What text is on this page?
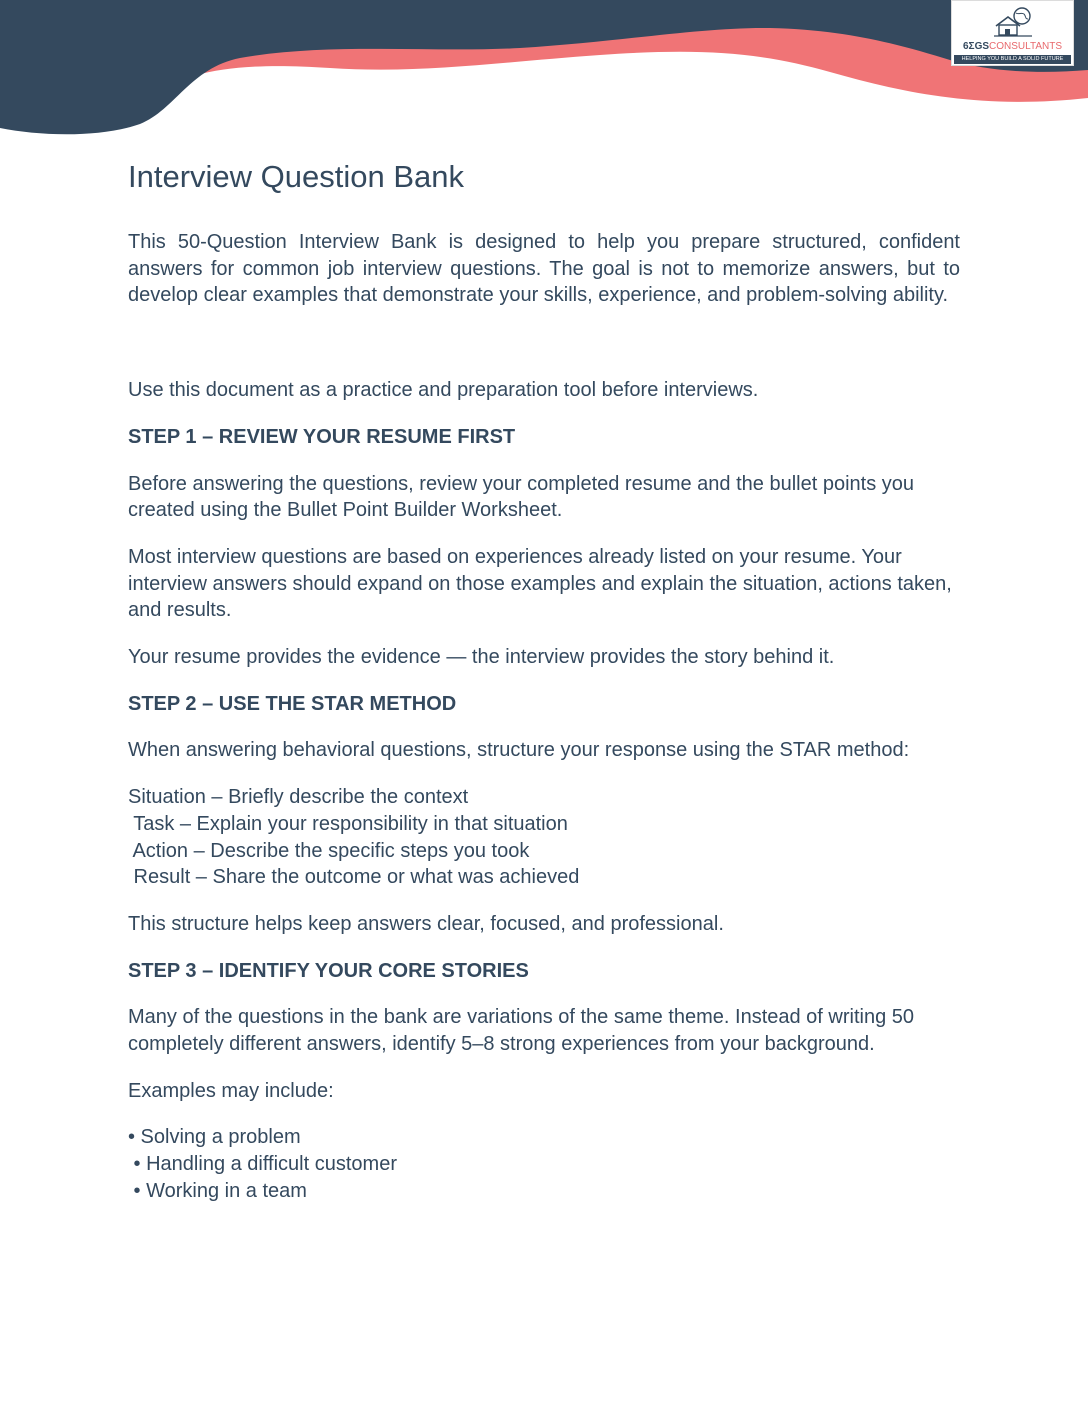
6ΣGSCONSULTANTS
HELPING YOU BUILD A SOLID FUTURE
Interview Question Bank

This 50-Question Interview Bank is designed to help you prepare structured, confident answers for common job interview questions. The goal is not to memorize answers, but to develop clear examples that demonstrate your skills, experience, and problem-solving ability.

Use this document as a practice and preparation tool before interviews.

STEP 1 – REVIEW YOUR RESUME FIRST

Before answering the questions, review your completed resume and the bullet points you created using the Bullet Point Builder Worksheet.

Most interview questions are based on experiences already listed on your resume. Your interview answers should expand on those examples and explain the situation, actions taken, and results.

Your resume provides the evidence — the interview provides the story behind it.

STEP 2 – USE THE STAR METHOD

When answering behavioral questions, structure your response using the STAR method:

Situation – Briefly describe the context
Task – Explain your responsibility in that situation
Action – Describe the specific steps you took
Result – Share the outcome or what was achieved

This structure helps keep answers clear, focused, and professional.

STEP 3 – IDENTIFY YOUR CORE STORIES

Many of the questions in the bank are variations of the same theme. Instead of writing 50 completely different answers, identify 5–8 strong experiences from your background.

Examples may include:

• Solving a problem
• Handling a difficult customer
• Working in a team
